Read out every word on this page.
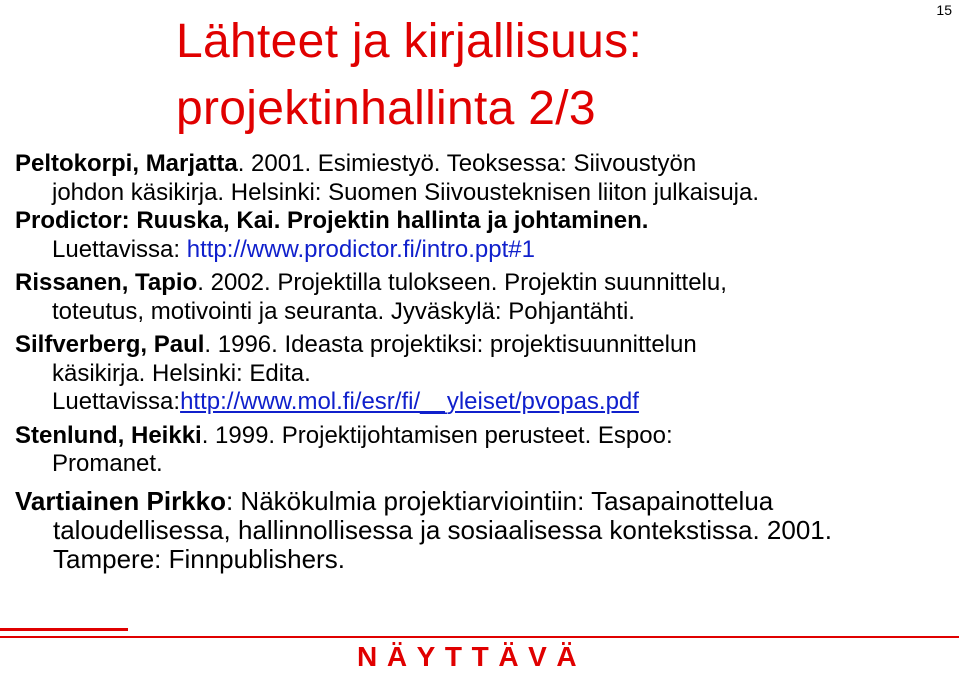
15
Lähteet ja kirjallisuus:
projektinhallinta 2/3
Peltokorpi, Marjatta. 2001. Esimiestyö. Teoksessa: Siivoustyön
johdon käsikirja. Helsinki: Suomen Siivousteknisen liiton julkaisuja.
Prodictor: Ruuska, Kai. Projektin hallinta ja johtaminen.
Luettavissa: http://www.prodictor.fi/intro.ppt#1
Rissanen, Tapio. 2002. Projektilla tulokseen. Projektin suunnittelu,
toteutus, motivointi ja seuranta. Jyväskylä: Pohjantähti.
Silfverberg, Paul. 1996. Ideasta projektiksi: projektisuunnittelun
käsikirja. Helsinki: Edita.
Luettavissa:http://www.mol.fi/esr/fi/__yleiset/pvopas.pdf
Stenlund, Heikki. 1999. Projektijohtamisen perusteet. Espoo:
Promanet.
Vartiainen Pirkko: Näkökulmia projektiarviointiin: Tasapainottelua
taloudellisessa, hallinnollisessa ja sosiaalisessa kontekstissa. 2001.
Tampere: Finnpublishers.
NÄYTTÄVÄ
